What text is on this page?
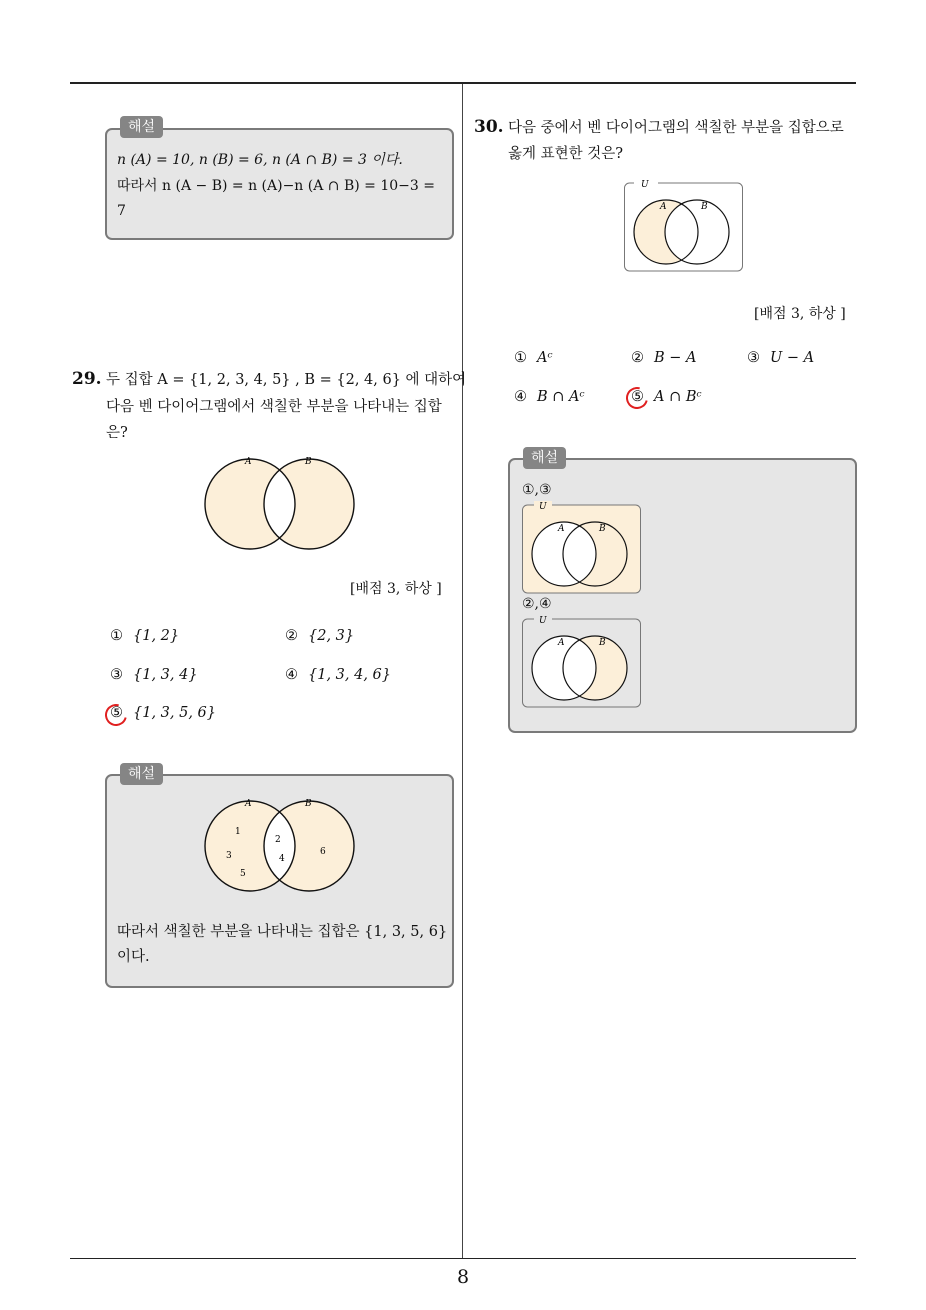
8
해설
n (A) = 10, n (B) = 6, n (A ∩ B) = 3 이다.
따라서 n (A − B) = n (A)−n (A ∩ B) = 10−3 =
7
29. 두 집합 A = {1, 2, 3, 4, 5} , B = {2, 4, 6} 에 대하여
다음 벤 다이어그램에서 색칠한 부분을 나타내는 집합
은?
A	B
[배점 3, 하상 ]
① {1, 2}	② {2, 3}
③ {1, 3, 4}	④ {1, 3, 4, 6}
⑤ {1, 3, 5, 6}
해설
A	B
1
2
3	4
5
6
따라서 색칠한 부분을 나타내는 집합은 {1, 3, 5, 6}
이다.
30. 다음 중에서 벤 다이어그램의 색칠한 부분을 집합으로
옳게 표현한 것은?
U
A	B
[배점 3, 하상 ]
① Aᶜ	② B − A	③ U − A
④ B ∩ Aᶜ	⑤ A ∩ Bᶜ
해설
①,③
U
A	B
②,④
U
A	B
